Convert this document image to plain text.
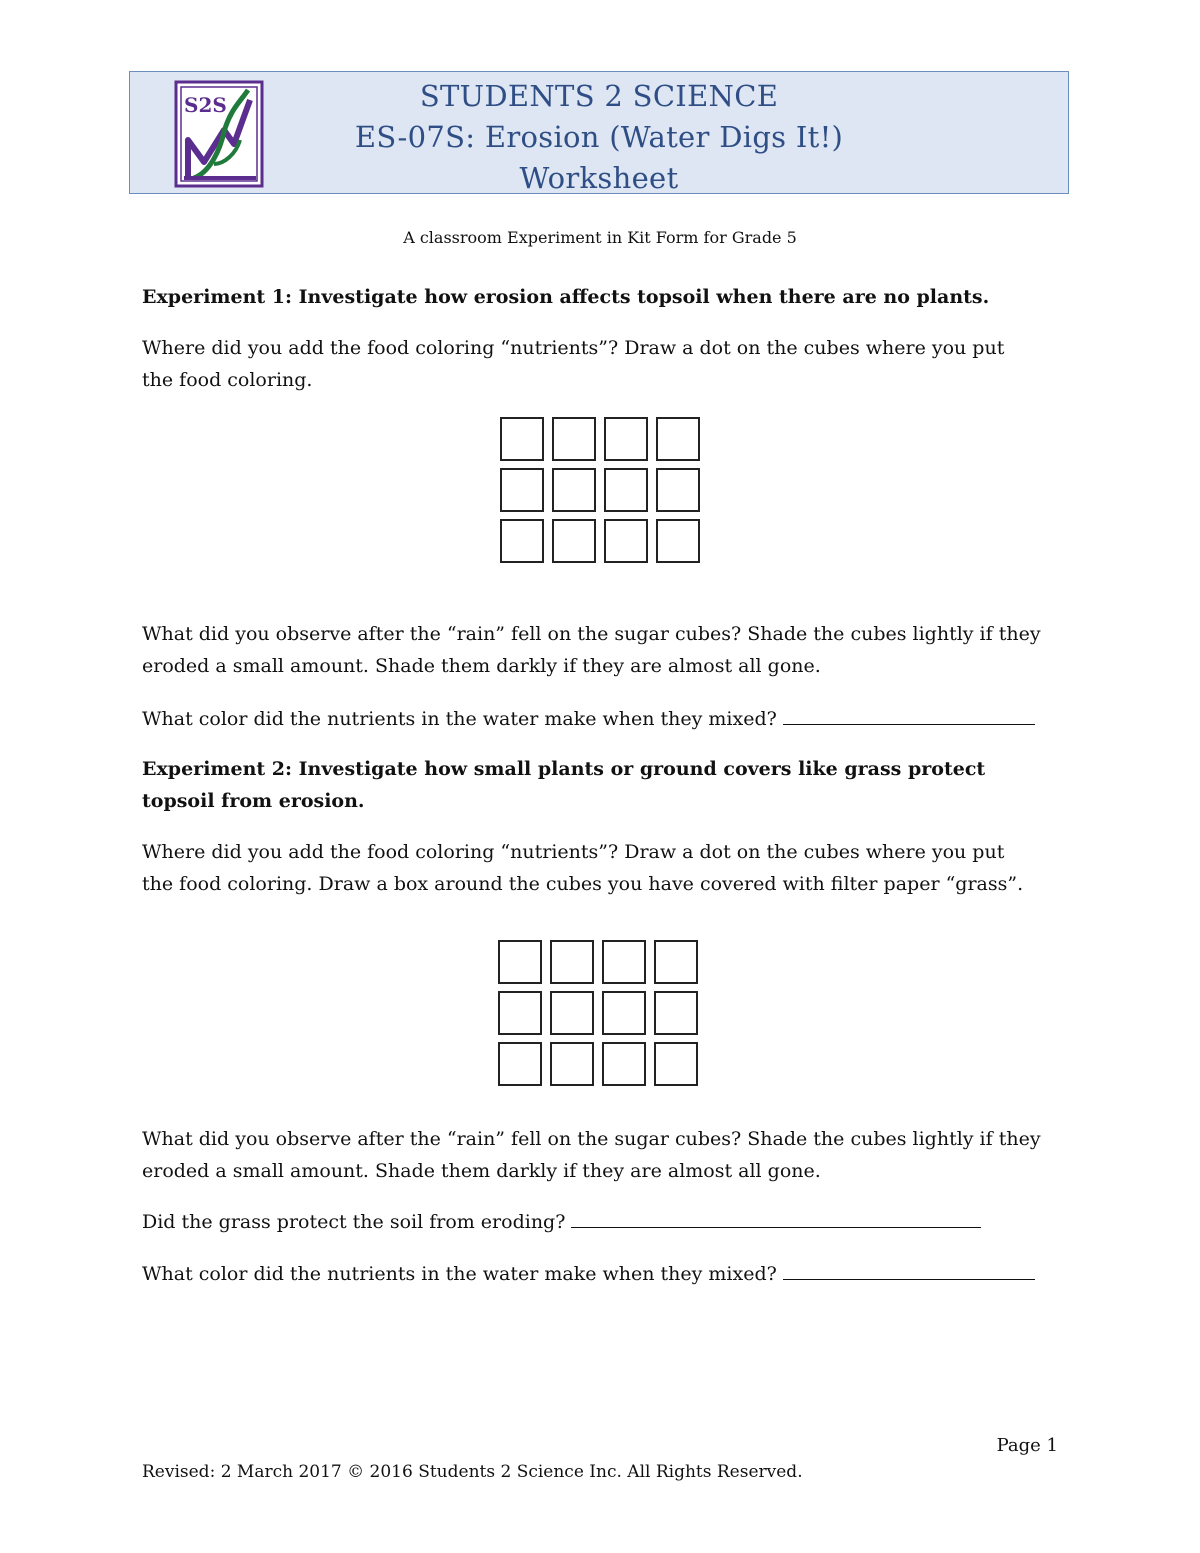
S2S	STUDENTS 2 SCIENCE
ES-07S: Erosion (Water Digs It!)
Worksheet
A classroom Experiment in Kit Form for Grade 5
Experiment 1: Investigate how erosion affects topsoil when there are no plants.
Where did you add the food coloring “nutrients”? Draw a dot on the cubes where you put
the food coloring.
What did you observe after the “rain” fell on the sugar cubes? Shade the cubes lightly if they
eroded a small amount. Shade them darkly if they are almost all gone.
What color did the nutrients in the water make when they mixed?
Experiment 2: Investigate how small plants or ground covers like grass protect
topsoil from erosion.
Where did you add the food coloring “nutrients”? Draw a dot on the cubes where you put
the food coloring. Draw a box around the cubes you have covered with filter paper “grass”.
What did you observe after the “rain” fell on the sugar cubes? Shade the cubes lightly if they
eroded a small amount. Shade them darkly if they are almost all gone.
Did the grass protect the soil from eroding?
What color did the nutrients in the water make when they mixed?
Page 1
Revised: 2 March 2017 © 2016 Students 2 Science Inc. All Rights Reserved.
